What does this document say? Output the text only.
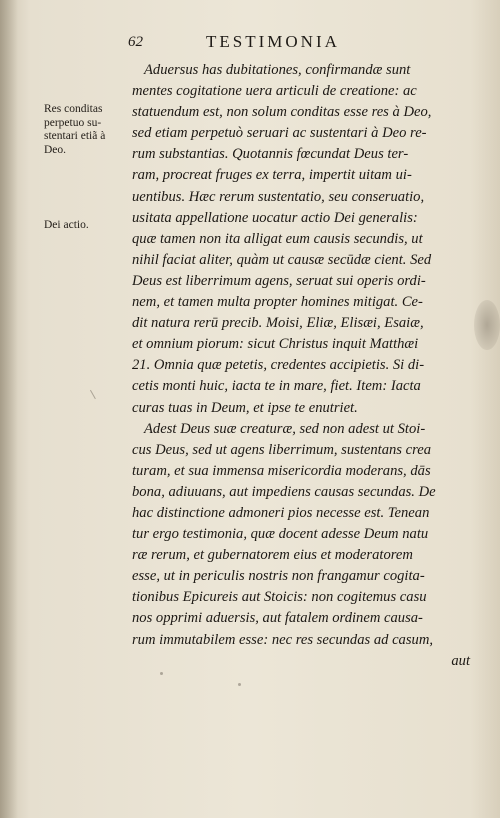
62	TESTIMONIA
Res conditas perpetuo su-stentari etiã à Deo.
Dei actio.
Aduersus has dubitationes, confirmandæ sunt
mentes cogitatione uera articuli de creatione: ac
statuendum est, non solum conditas esse res à Deo,
sed etiam perpetuò seruari ac sustentari à Deo re-
rum substantias. Quotannis fœcundat Deus ter-
ram, procreat fruges ex terra, impertit uitam ui-
uentibus. Hæc rerum sustentatio, seu conseruatio,
usitata appellatione uocatur actio Dei generalis:
quæ tamen non ita alligat eum causis secundis, ut
nihil faciat aliter, quàm ut causæ secūdæ cient. Sed
Deus est liberrimum agens, seruat sui operis ordi-
nem, et tamen multa propter homines mitigat. Ce-
dit natura rerū precib. Moisi, Eliæ, Elisæi, Esaiæ,
et omnium piorum: sicut Christus inquit Matthæi
21. Omnia quæ petetis, credentes accipietis. Si di-
cetis monti huic, iacta te in mare, fiet. Item: Iacta
curas tuas in Deum, et ipse te enutriet.
Adest Deus suæ creaturæ, sed non adest ut Stoi-
cus Deus, sed ut agens liberrimum, sustentans crea
turam, et sua immensa misericordia moderans, dās
bona, adiuuans, aut impediens causas secundas. De
hac distinctione admoneri pios necesse est. Tenean
tur ergo testimonia, quæ docent adesse Deum natu
ræ rerum, et gubernatorem eius et moderatorem
esse, ut in periculis nostris non frangamur cogita-
tionibus Epicureis aut Stoicis: non cogitemus casu
nos opprimi aduersis, aut fatalem ordinem causa-
rum immutabilem esse: nec res secundas ad casum,
aut
